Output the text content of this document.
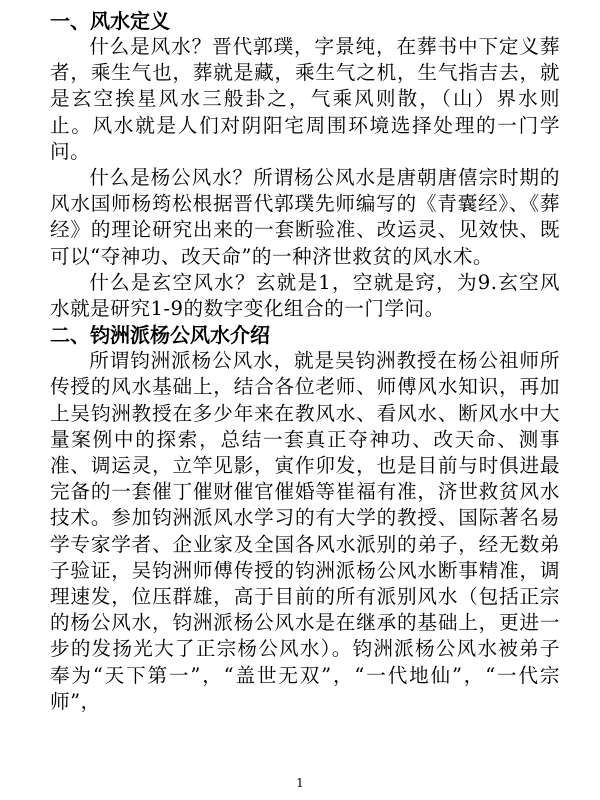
一、风水定义

什么是风水？晋代郭璞，字景纯，在葬书中下定义葬者，乘生气也，葬就是藏，乘生气之机，生气指吉去，就是玄空挨星风水三般卦之，气乘风则散，（山）界水则止。风水就是人们对阴阳宅周围环境选择处理的一门学问。

什么是杨公风水？所谓杨公风水是唐朝唐僖宗时期的风水国师杨筠松根据晋代郭璞先师编写的《青囊经》、《葬经》的理论研究出来的一套断验准、改运灵、见效快、既可以“夺神功、改天命”的一种济世救贫的风水术。

什么是玄空风水？玄就是1，空就是窍，为9.玄空风水就是研究1-9的数字变化组合的一门学问。

二、钧洲派杨公风水介绍

所谓钧洲派杨公风水，就是吴钧洲教授在杨公祖师所传授的风水基础上，结合各位老师、师傅风水知识，再加上吴钧洲教授在多少年来在教风水、看风水、断风水中大量案例中的探索，总结一套真正夺神功、改天命、测事准、调运灵，立竿见影，寅作卯发，也是目前与时俱进最完备的一套催丁催财催官催婚等崔福有准，济世救贫风水技术。参加钧洲派风水学习的有大学的教授、国际著名易学专家学者、企业家及全国各风水派别的弟子，经无数弟子验证，吴钧洲师傅传授的钧洲派杨公风水断事精准，调理速发，位压群雄，高于目前的所有派别风水（包括正宗的杨公风水，钧洲派杨公风水是在继承的基础上，更进一步的发扬光大了正宗杨公风水）。钧洲派杨公风水被弟子奉为“天下第一”，“盖世无双”，“一代地仙”，“一代宗师”，

1
